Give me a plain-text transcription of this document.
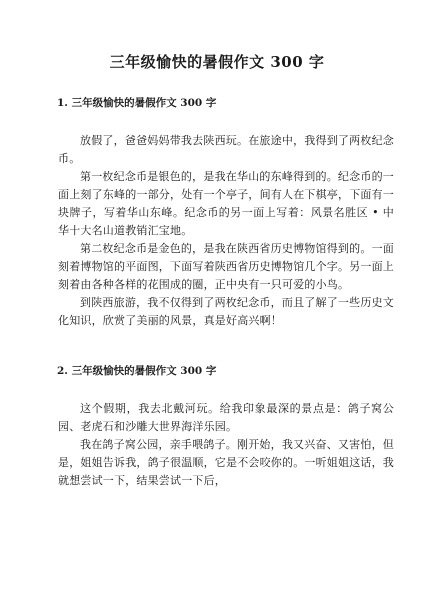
三年级愉快的暑假作文 300 字
1. 三年级愉快的暑假作文 300 字

放假了，爸爸妈妈带我去陕西玩。在旅途中，我得到了两枚纪念币。

第一枚纪念币是银色的，是我在华山的东峰得到的。纪念币的一面上刻了东峰的一部分，处有一个亭子，间有人在下棋亭，下面有一块牌子，写着华山东峰。纪念币的另一面上写着：风景名胜区 • 中华十大名山道教销汇宝地。

第二枚纪念币是金色的，是我在陕西省历史博物馆得到的。一面刻着博物馆的平面图，下面写着陕西省历史博物馆几个字。另一面上刻着由各种各样的花围成的圈，正中央有一只可爱的小鸟。

到陕西旅游，我不仅得到了两枚纪念币，而且了解了一些历史文化知识，欣赏了美丽的风景，真是好高兴啊！

2. 三年级愉快的暑假作文 300 字

这个假期，我去北戴河玩。给我印象最深的景点是：鸽子窝公园、老虎石和沙雕大世界海洋乐园。

我在鸽子窝公园，亲手喂鸽子。刚开始，我又兴奋、又害怕，但是，姐姐告诉我，鸽子很温顺，它是不会咬你的。一听姐姐这话，我就想尝试一下，结果尝试一下后，
